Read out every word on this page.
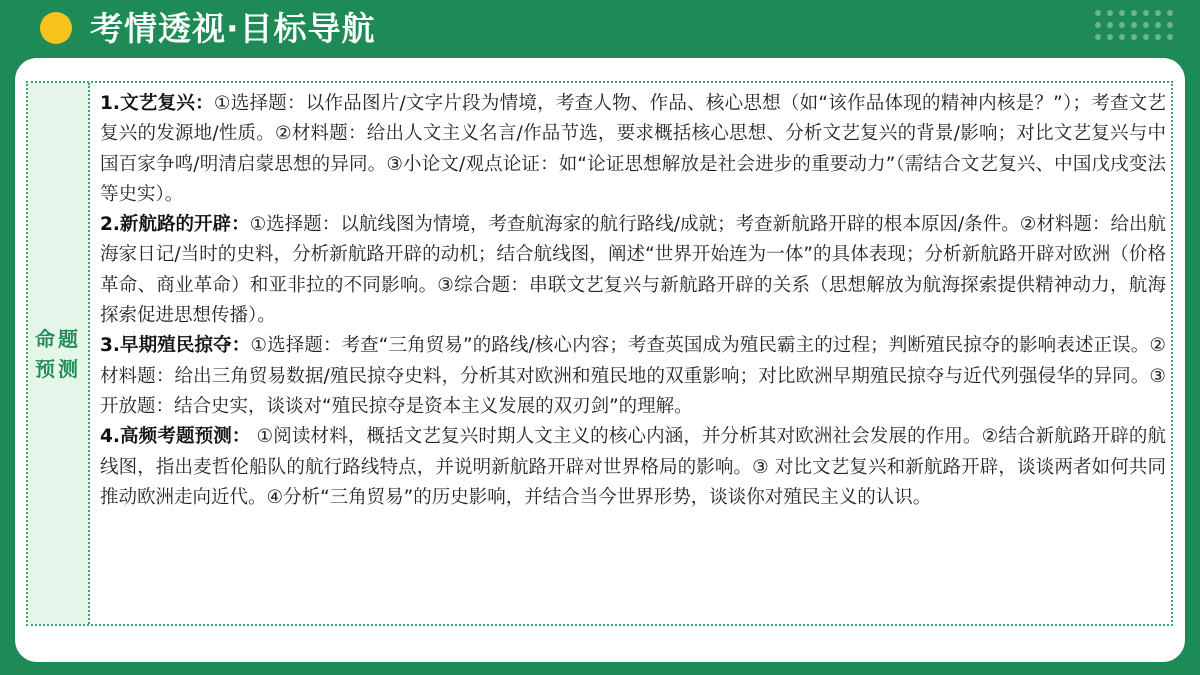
考情透视·目标导航
命题预测

1.文艺复兴：①选择题：以作品图片/文字片段为情境，考查人物、作品、核心思想（如“该作品体现的精神内核是？”）；考查文艺复兴的发源地/性质。②材料题：给出人文主义名言/作品节选，要求概括核心思想、分析文艺复兴的背景/影响；对比文艺复兴与中国百家争鸣/明清启蒙思想的异同。③小论文/观点论证：如“论证思想解放是社会进步的重要动力”（需结合文艺复兴、中国戊戌变法等史实）。

2.新航路的开辟：①选择题：以航线图为情境，考查航海家的航行路线/成就；考查新航路开辟的根本原因/条件。②材料题：给出航海家日记/当时的史料，分析新航路开辟的动机；结合航线图，阐述“世界开始连为一体”的具体表现；分析新航路开辟对欧洲（价格革命、商业革命）和亚非拉的不同影响。③综合题：串联文艺复兴与新航路开辟的关系（思想解放为航海探索提供精神动力，航海探索促进思想传播）。

3.早期殖民掠夺：①选择题：考查“三角贸易”的路线/核心内容；考查英国成为殖民霸主的过程；判断殖民掠夺的影响表述正误。②材料题：给出三角贸易数据/殖民掠夺史料，分析其对欧洲和殖民地的双重影响；对比欧洲早期殖民掠夺与近代列强侵华的异同。③开放题：结合史实，谈谈对“殖民掠夺是资本主义发展的双刃剑”的理解。

4.高频考题预测： ①阅读材料，概括文艺复兴时期人文主义的核心内涵，并分析其对欧洲社会发展的作用。②结合新航路开辟的航线图，指出麦哲伦船队的航行路线特点，并说明新航路开辟对世界格局的影响。③ 对比文艺复兴和新航路开辟，谈谈两者如何共同推动欧洲走向近代。④分析“三角贸易”的历史影响，并结合当今世界形势，谈谈你对殖民主义的认识。
